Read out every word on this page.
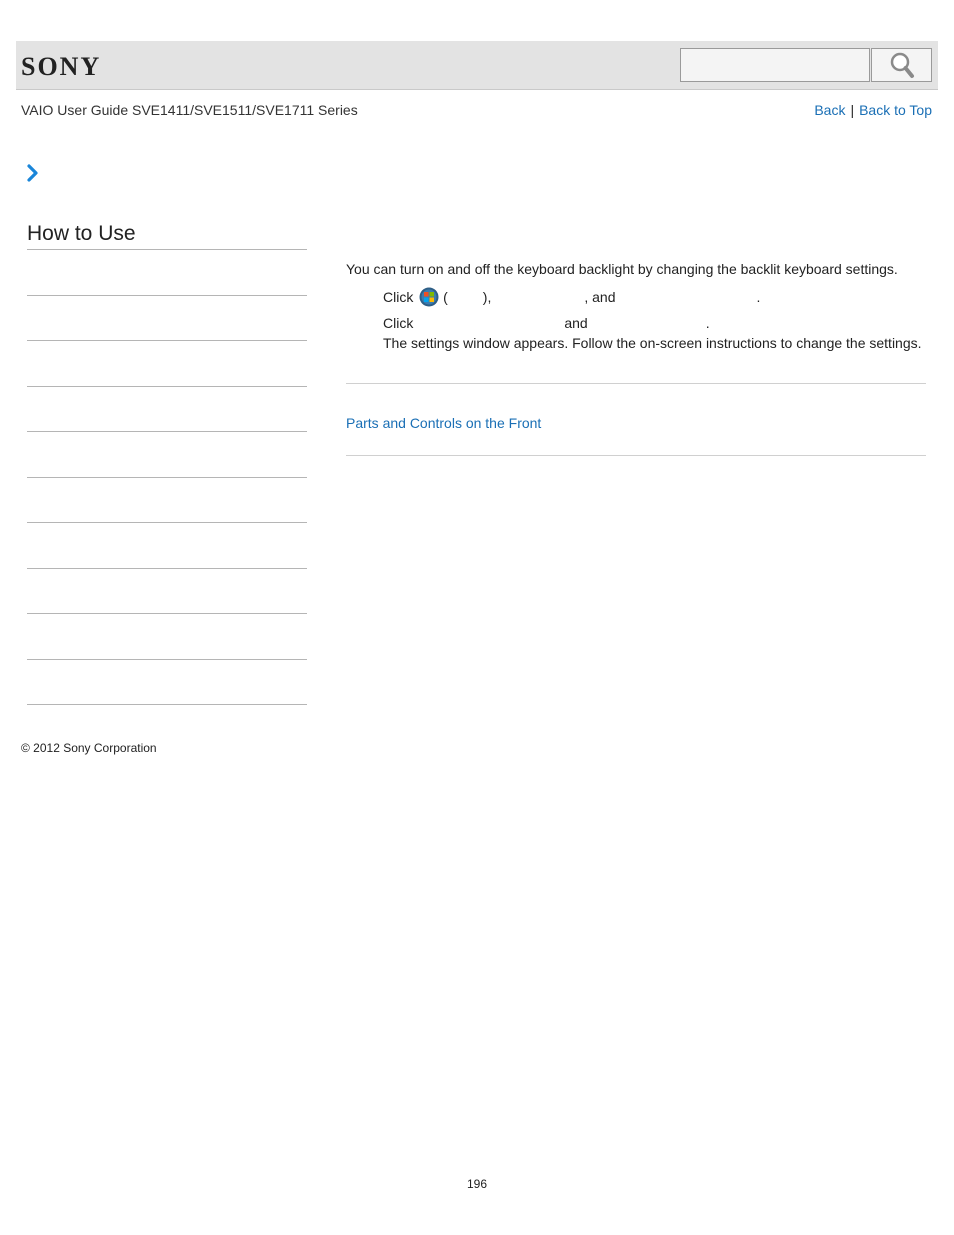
SONY
VAIO User Guide SVE1411/SVE1511/SVE1711 Series	Back | Back to Top
How to Use
You can turn on and off the keyboard backlight by changing the backlit keyboard settings.
Click (	),	, and	.
Click	and	.
The settings window appears. Follow the on-screen instructions to change the settings.
Parts and Controls on the Front
© 2012 Sony Corporation
196
